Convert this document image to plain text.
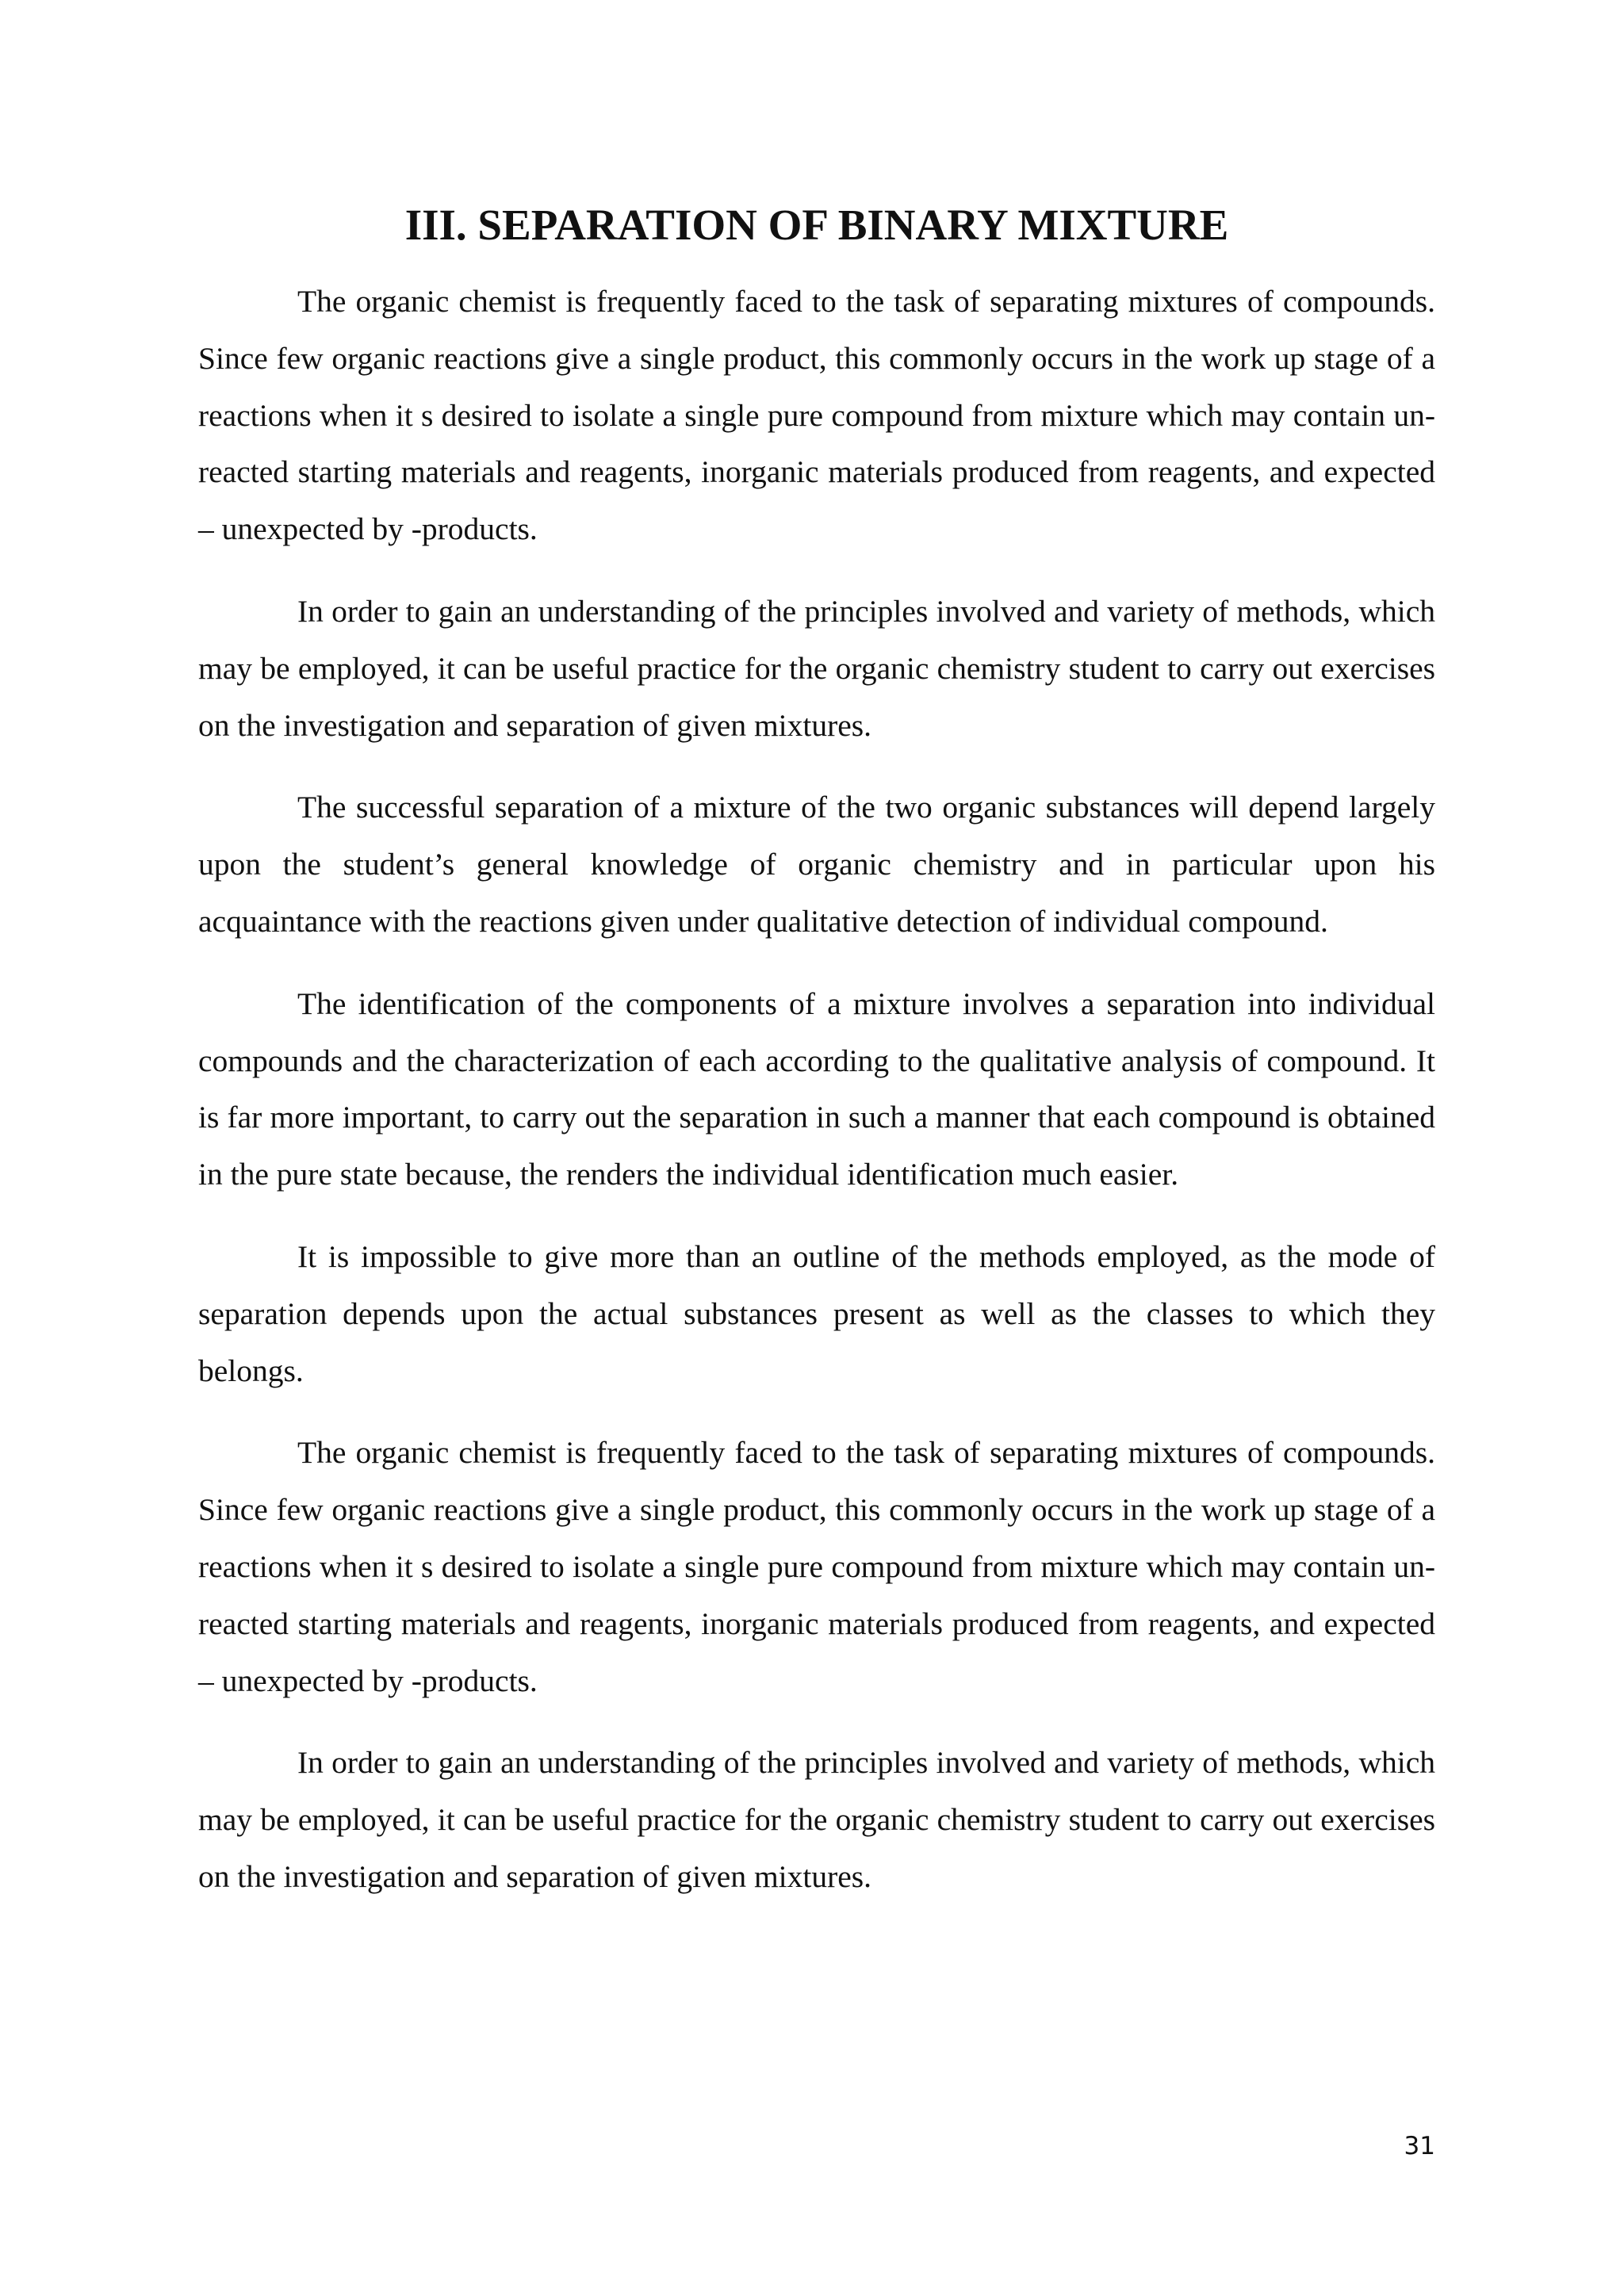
III. SEPARATION OF BINARY MIXTURE

The organic chemist is frequently faced to the task of separating mixtures of compounds. Since few organic reactions give a single product, this commonly occurs in the work up stage of a reactions when it s desired to isolate a single pure compound from mixture which may contain un-reacted starting materials and reagents, inorganic materials produced from reagents, and expected – unexpected by -products.

In order to gain an understanding of the principles involved and variety of methods, which may be employed, it can be useful practice for the organic chemistry student to carry out exercises on the investigation and separation of given mixtures.

The successful separation of a mixture of the two organic substances will depend largely upon the student’s general knowledge of organic chemistry and in particular upon his acquaintance with the reactions given under qualitative detection of individual compound.

The identification of the components of a mixture involves a separation into individual compounds and the characterization of each according to the qualitative analysis of compound. It is far more important, to carry out the separation in such a manner that each compound is obtained in the pure state because, the renders the individual identification much easier.

It is impossible to give more than an outline of the methods employed, as the mode of separation depends upon the actual substances present as well as the classes to which they belongs.

The organic chemist is frequently faced to the task of separating mixtures of compounds. Since few organic reactions give a single product, this commonly occurs in the work up stage of a reactions when it s desired to isolate a single pure compound from mixture which may contain un-reacted starting materials and reagents, inorganic materials produced from reagents, and expected – unexpected by -products.

In order to gain an understanding of the principles involved and variety of methods, which may be employed, it can be useful practice for the organic chemistry student to carry out exercises on the investigation and separation of given mixtures.

31
